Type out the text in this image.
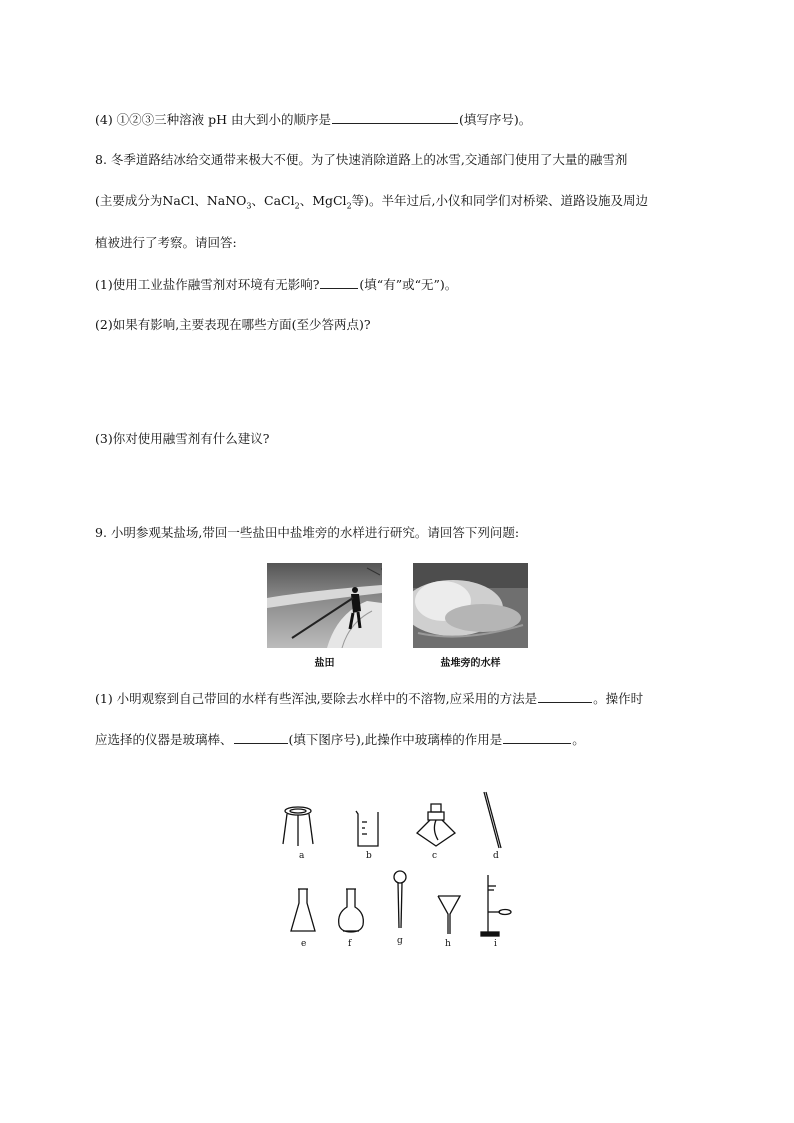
(4) ①②③三种溶液 pH 由大到小的顺序是	(填写序号)。
8. 冬季道路结冰给交通带来极大不便。为了快速消除道路上的冰雪,交通部门使用了大量的融雪剂
(主要成分为NaCl、NaNO$_3$、CaCl$_2$、MgCl$_2$等)。半年过后,小仪和同学们对桥梁、道路设施及周边
植被进行了考察。请回答:
(1)使用工业盐作融雪剂对环境有无影响?	(填“有”或“无”)。
(2)如果有影响,主要表现在哪些方面(至少答两点)?
(3)你对使用融雪剂有什么建议?
9. 小明参观某盐场,带回一些盐田中盐堆旁的水样进行研究。请回答下列问题:
盐田	盐堆旁的水样
(1) 小明观察到自己带回的水样有些浑浊,要除去水样中的不溶物,应采用的方法是	。操作时
应选择的仪器是玻璃棒、	(填下图序号),此操作中玻璃棒的作用是	。
a	b	c	d
e	f	g	h	i
